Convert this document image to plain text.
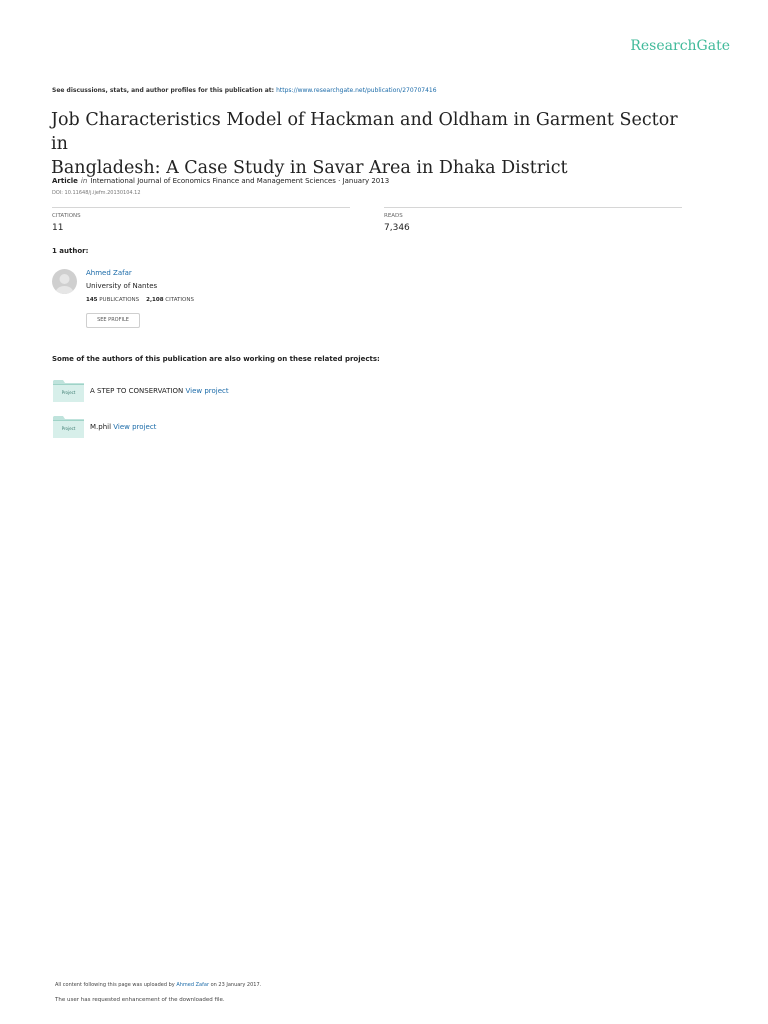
ResearchGate
See discussions, stats, and author profiles for this publication at: https://www.researchgate.net/publication/270707416
Job Characteristics Model of Hackman and Oldham in Garment Sector in
Bangladesh: A Case Study in Savar Area in Dhaka District
Article in International Journal of Economics Finance and Management Sciences · January 2013
DOI: 10.11648/j.ijefm.20130104.12
CITATIONS
11
READS
7,346
1 author:
Ahmed Zafar
University of Nantes
145 PUBLICATIONS 2,108 CITATIONS
SEE PROFILE
Some of the authors of this publication are also working on these related projects:
Project	A STEP TO CONSERVATION View project
Project	M.phil View project
All content following this page was uploaded by Ahmed Zafar on 23 January 2017.
The user has requested enhancement of the downloaded file.
